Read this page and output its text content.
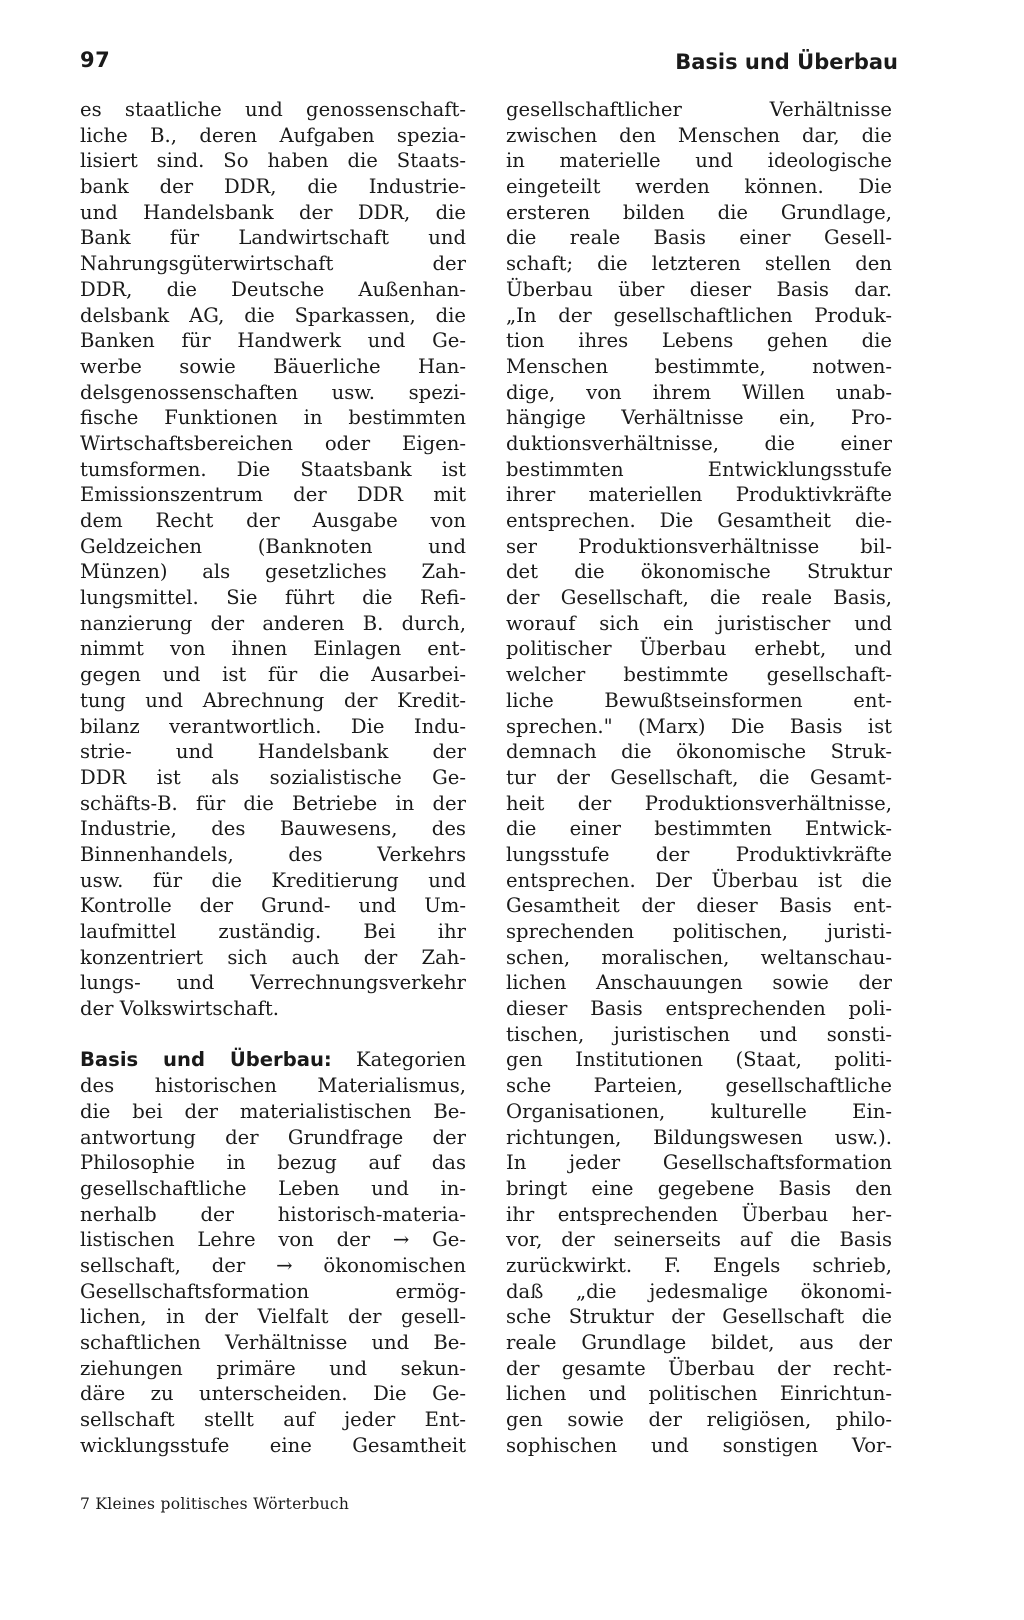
97	Basis und Überbau
es staatliche und genossenschaft-
liche B., deren Aufgaben spezia-
lisiert sind. So haben die Staats-
bank der DDR, die Industrie-
und Handelsbank der DDR, die
Bank für Landwirtschaft und
Nahrungsgüterwirtschaft der
DDR, die Deutsche Außenhan-
delsbank AG, die Sparkassen, die
Banken für Handwerk und Ge-
werbe sowie Bäuerliche Han-
delsgenossenschaften usw. spezi-
fische Funktionen in bestimmten
Wirtschaftsbereichen oder Eigen-
tumsformen. Die Staatsbank ist
Emissionszentrum der DDR mit
dem Recht der Ausgabe von
Geldzeichen (Banknoten und
Münzen) als gesetzliches Zah-
lungsmittel. Sie führt die Refi-
nanzierung der anderen B. durch,
nimmt von ihnen Einlagen ent-
gegen und ist für die Ausarbei-
tung und Abrechnung der Kredit-
bilanz verantwortlich. Die Indu-
strie- und Handelsbank der
DDR ist als sozialistische Ge-
schäfts-B. für die Betriebe in der
Industrie, des Bauwesens, des
Binnenhandels, des Verkehrs
usw. für die Kreditierung und
Kontrolle der Grund- und Um-
laufmittel zuständig. Bei ihr
konzentriert sich auch der Zah-
lungs- und Verrechnungsverkehr
der Volkswirtschaft.
Basis und Überbau: Kategorien
des historischen Materialismus,
die bei der materialistischen Be-
antwortung der Grundfrage der
Philosophie in bezug auf das
gesellschaftliche Leben und in-
nerhalb der historisch-materia-
listischen Lehre von der → Ge-
sellschaft, der → ökonomischen
Gesellschaftsformation ermög-
lichen, in der Vielfalt der gesell-
schaftlichen Verhältnisse und Be-
ziehungen primäre und sekun-
däre zu unterscheiden. Die Ge-
sellschaft stellt auf jeder Ent-
wicklungsstufe eine Gesamtheit
gesellschaftlicher Verhältnisse
zwischen den Menschen dar, die
in materielle und ideologische
eingeteilt werden können. Die
ersteren bilden die Grundlage,
die reale Basis einer Gesell-
schaft; die letzteren stellen den
Überbau über dieser Basis dar.
„In der gesellschaftlichen Produk-
tion ihres Lebens gehen die
Menschen bestimmte, notwen-
dige, von ihrem Willen unab-
hängige Verhältnisse ein, Pro-
duktionsverhältnisse, die einer
bestimmten Entwicklungsstufe
ihrer materiellen Produktivkräfte
entsprechen. Die Gesamtheit die-
ser Produktionsverhältnisse bil-
det die ökonomische Struktur
der Gesellschaft, die reale Basis,
worauf sich ein juristischer und
politischer Überbau erhebt, und
welcher bestimmte gesellschaft-
liche Bewußtseinsformen ent-
sprechen." (Marx) Die Basis ist
demnach die ökonomische Struk-
tur der Gesellschaft, die Gesamt-
heit der Produktionsverhältnisse,
die einer bestimmten Entwick-
lungsstufe der Produktivkräfte
entsprechen. Der Überbau ist die
Gesamtheit der dieser Basis ent-
sprechenden politischen, juristi-
schen, moralischen, weltanschau-
lichen Anschauungen sowie der
dieser Basis entsprechenden poli-
tischen, juristischen und sonsti-
gen Institutionen (Staat, politi-
sche Parteien, gesellschaftliche
Organisationen, kulturelle Ein-
richtungen, Bildungswesen usw.).
In jeder Gesellschaftsformation
bringt eine gegebene Basis den
ihr entsprechenden Überbau her-
vor, der seinerseits auf die Basis
zurückwirkt. F. Engels schrieb,
daß „die jedesmalige ökonomi-
sche Struktur der Gesellschaft die
reale Grundlage bildet, aus der
der gesamte Überbau der recht-
lichen und politischen Einrichtun-
gen sowie der religiösen, philo-
sophischen und sonstigen Vor-
7 Kleines politisches Wörterbuch
